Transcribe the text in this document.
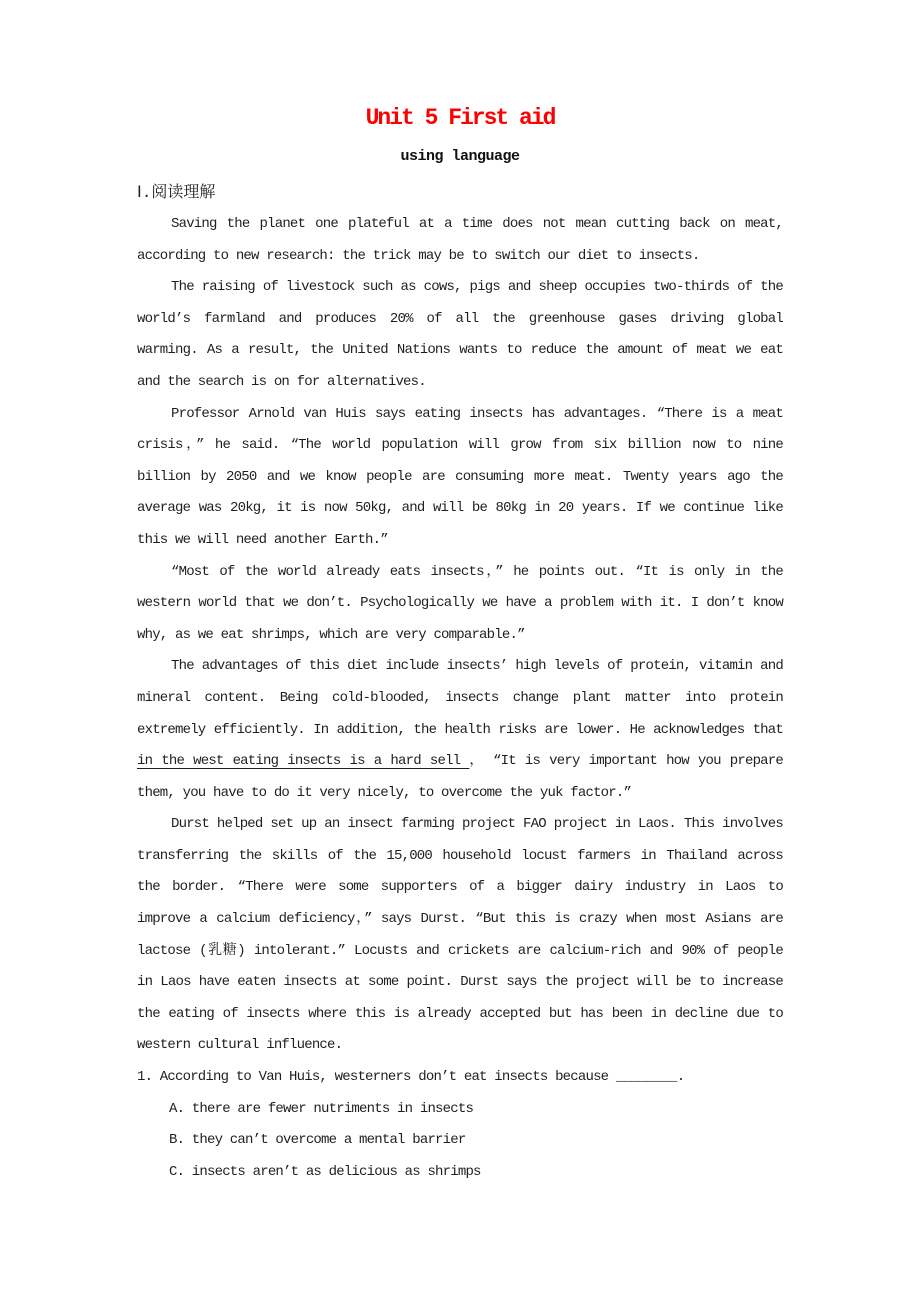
Unit 5 First aid
using language
Ⅰ.阅读理解

Saving the planet one plateful at a time does not mean cutting back on meat, according to new research: the trick may be to switch our diet to insects.

The raising of livestock such as cows, pigs and sheep occupies two-thirds of the world’s farmland and produces 20% of all the greenhouse gases driving global warming. As a result, the United Nations wants to reduce the amount of meat we eat and the search is on for alternatives.

Professor Arnold van Huis says eating insects has advantages. “There is a meat crisis，” he said. “The world population will grow from six billion now to nine billion by 2050 and we know people are consuming more meat. Twenty years ago the average was 20kg, it is now 50kg, and will be 80kg in 20 years. If we continue like this we will need another Earth.”

“Most of the world already eats insects，” he points out. “It is only in the western world that we don’t. Psychologically we have a problem with it. I don’t know why, as we eat shrimps, which are very comparable.”

The advantages of this diet include insects’ high levels of protein, vitamin and mineral content. Being cold-blooded, insects change plant matter into protein extremely efficiently. In addition, the health risks are lower. He acknowledges that in the west eating insects is a hard sell ， “It is very important how you prepare them, you have to do it very nicely, to overcome the yuk factor.”

Durst helped set up an insect farming project FAO project in Laos. This involves transferring the skills of the 15,000 household locust farmers in Thailand across the border. “There were some supporters of a bigger dairy industry in Laos to improve a calcium deficiency，” says Durst. “But this is crazy when most Asians are lactose (乳糖) intolerant.” Locusts and crickets are calcium-rich and 90% of people in Laos have eaten insects at some point. Durst says the project will be to increase the eating of insects where this is already accepted but has been in decline due to western cultural influence.

1. According to Van Huis, westerners don’t eat insects because ________.

A. there are fewer nutriments in insects

B. they can’t overcome a mental barrier

C. insects aren’t as delicious as shrimps
